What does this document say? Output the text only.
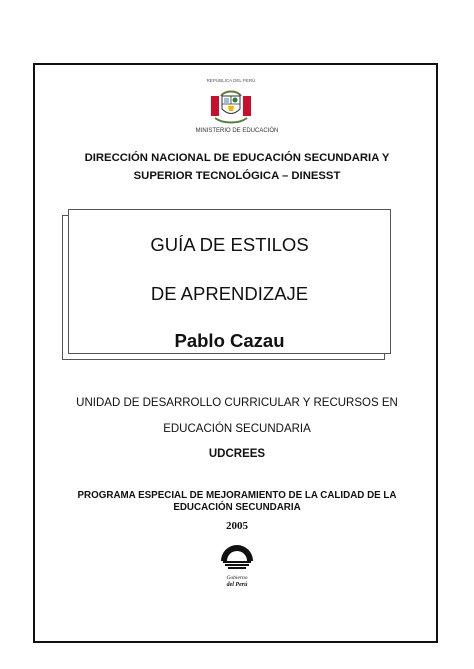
REPÚBLICA DEL PERÚ
MINISTERIO DE EDUCACIÓN
DIRECCIÓN NACIONAL DE EDUCACIÓN SECUNDARIA Y
SUPERIOR TECNOLÓGICA – DINESST
GUÍA DE ESTILOS
DE APRENDIZAJE
Pablo Cazau
UNIDAD DE DESARROLLO CURRICULAR Y RECURSOS EN
EDUCACIÓN SECUNDARIA
UDCREES
PROGRAMA ESPECIAL DE MEJORAMIENTO DE LA CALIDAD DE LA
EDUCACIÓN SECUNDARIA
2005
Gobierno
del Perú
